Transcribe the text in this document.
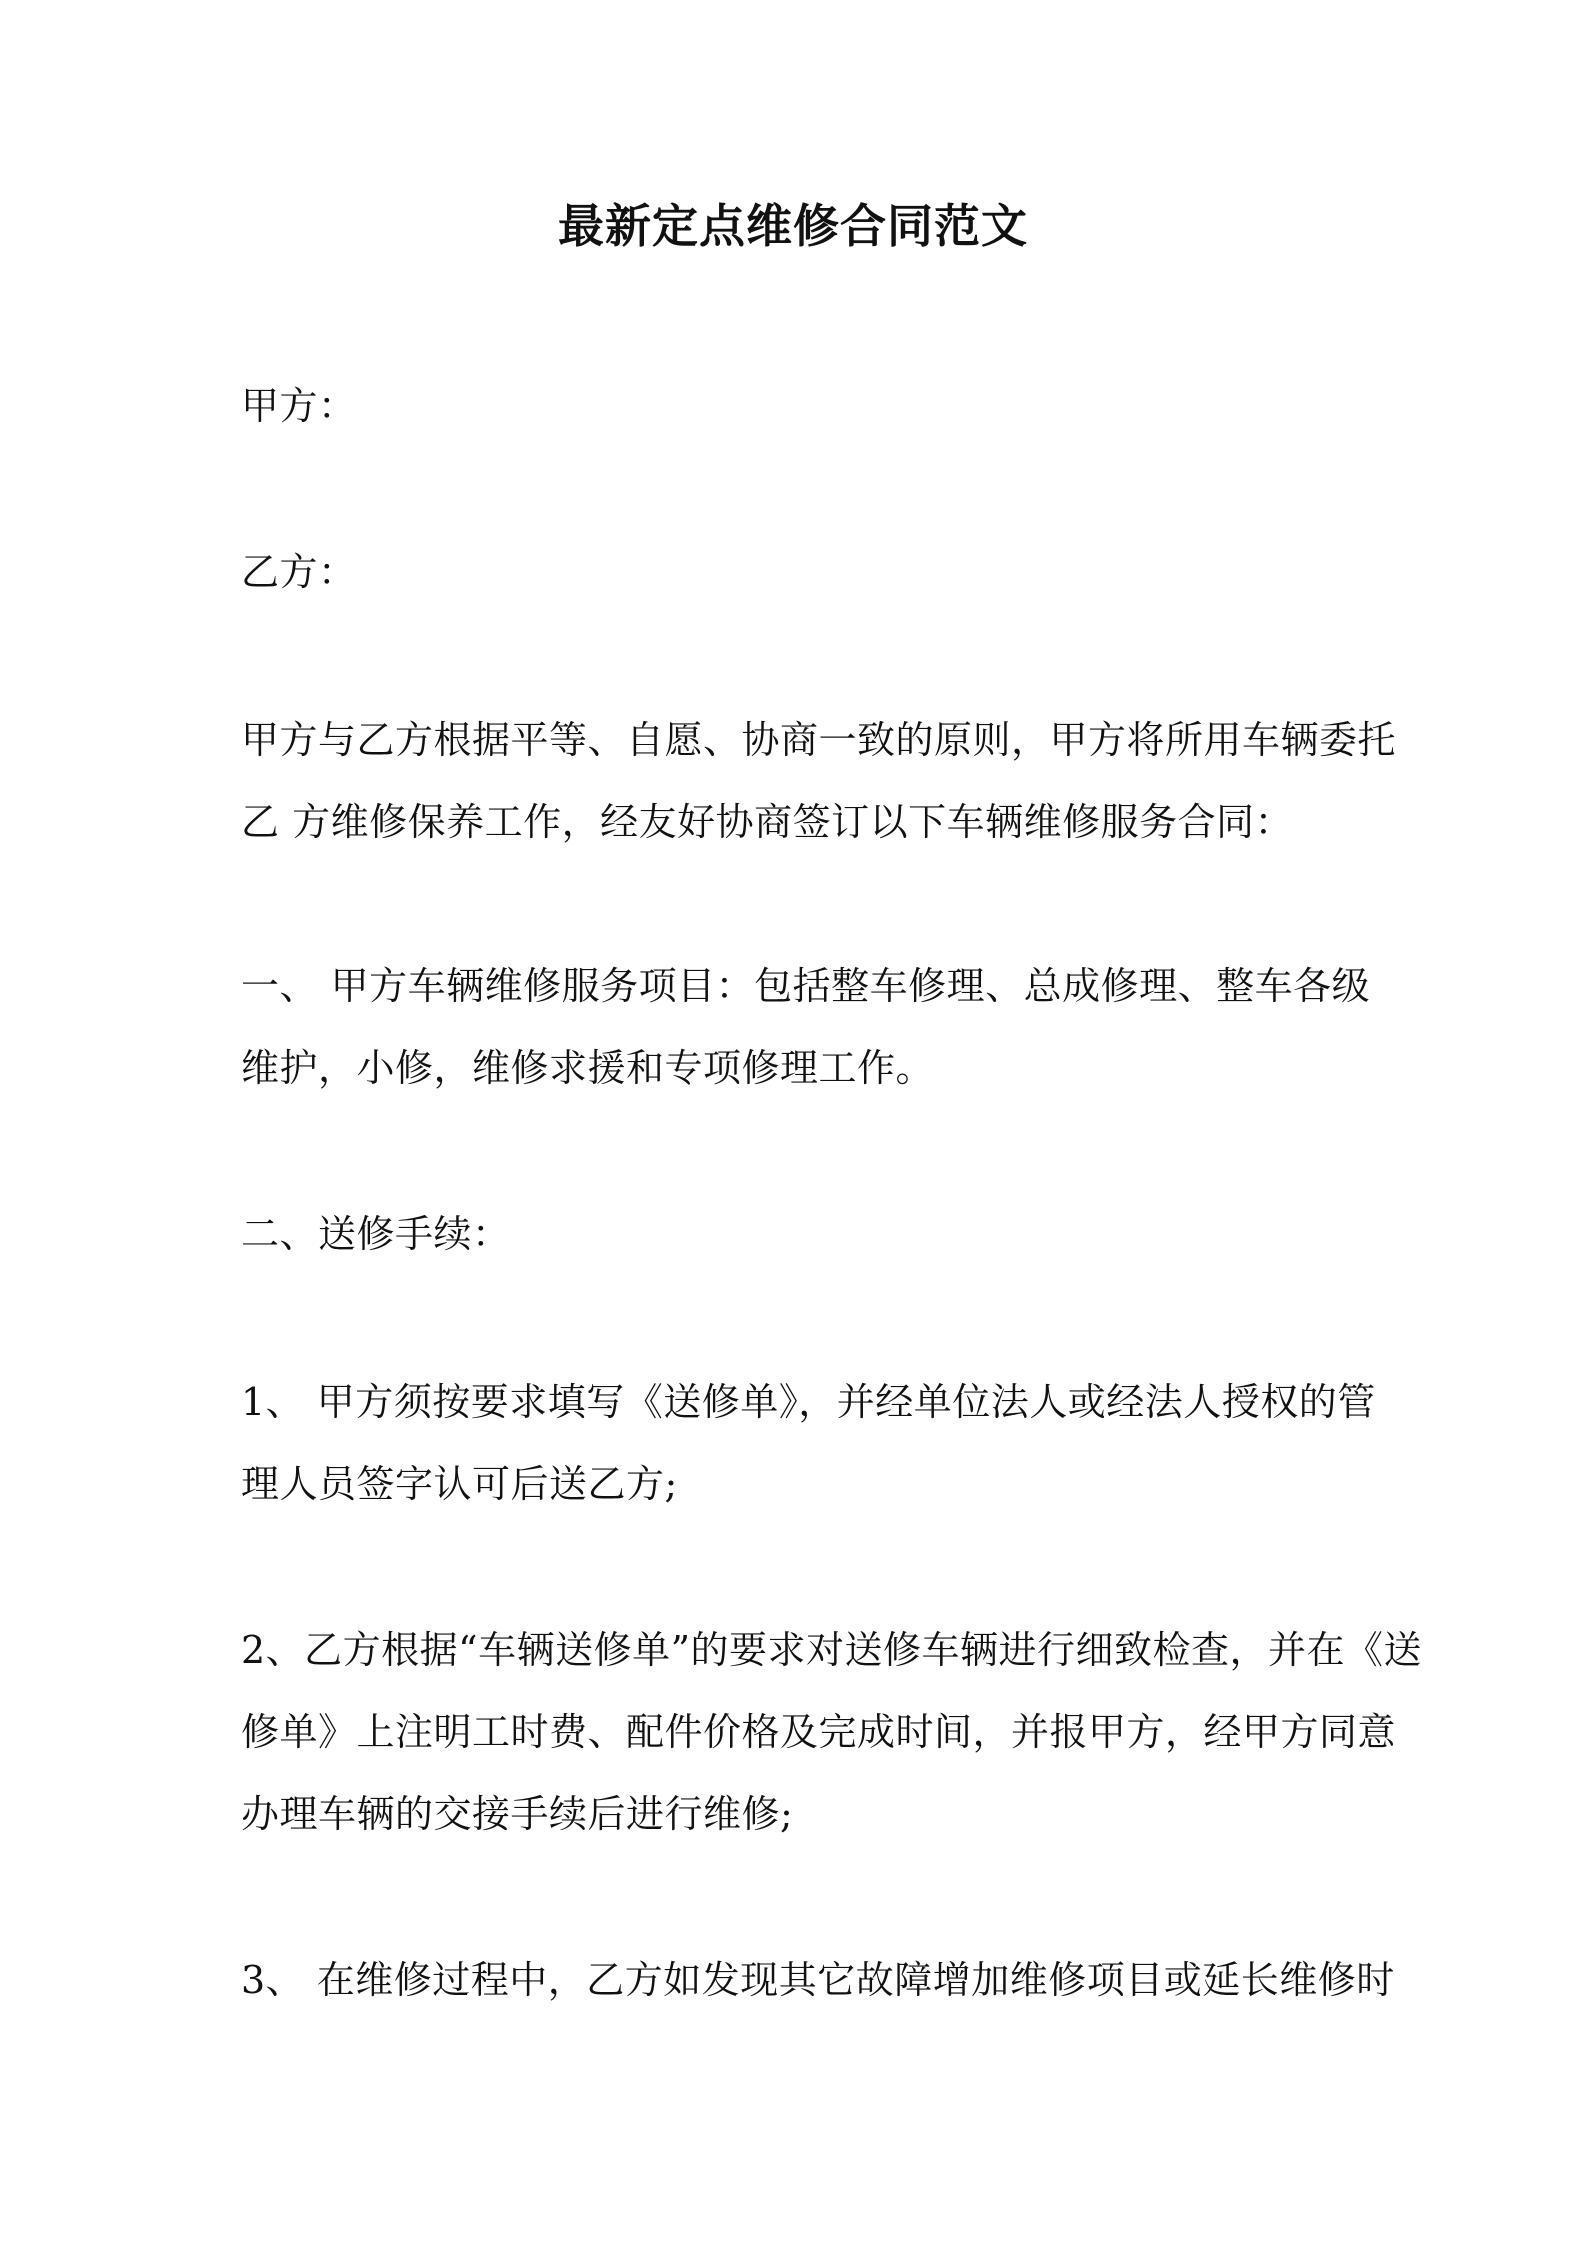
最新定点维修合同范文
甲方：
乙方：
甲方与乙方根据平等、自愿、协商一致的原则，甲方将所用车辆委托
乙 方维修保养工作，经友好协商签订以下车辆维修服务合同：
一、 甲方车辆维修服务项目：包括整车修理、总成修理、整车各级
维护，小修，维修求援和专项修理工作。
二、送修手续：
1、 甲方须按要求填写《送修单》，并经单位法人或经法人授权的管
理人员签字认可后送乙方;
2、乙方根据“车辆送修单”的要求对送修车辆进行细致检查，并在《送
修单》上注明工时费、配件价格及完成时间，并报甲方，经甲方同意
办理车辆的交接手续后进行维修;
3、 在维修过程中，乙方如发现其它故障增加维修项目或延长维修时
